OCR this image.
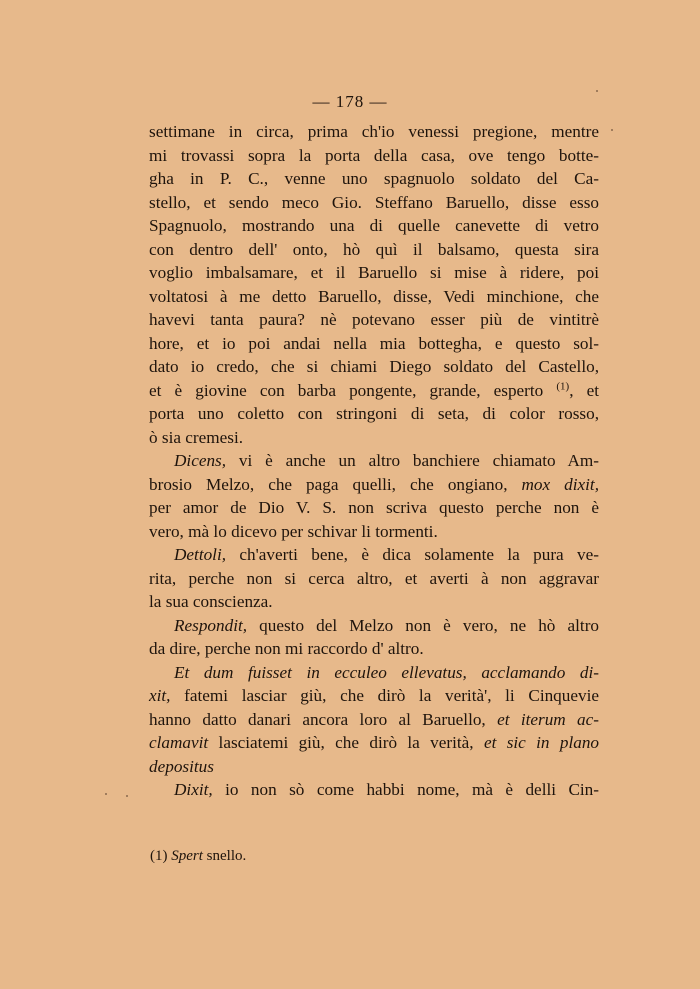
— 178 —
settimane in circa, prima ch'io venessi pregione, mentre
mi trovassi sopra la porta della casa, ove tengo botte-
gha in P. C., venne uno spagnuolo soldato del Ca-
stello, et sendo meco Gio. Steffano Baruello, disse esso
Spagnuolo, mostrando una di quelle canevette di vetro
con dentro dell' onto, hò quì il balsamo, questa sira
voglio imbalsamare, et il Baruello si mise à ridere, poi
voltatosi à me detto Baruello, disse, Vedi minchione, che
havevi tanta paura? nè potevano esser più de vintitrè
hore, et io poi andai nella mia bottegha, e questo sol-
dato io credo, che si chiami Diego soldato del Castello,
et è giovine con barba pongente, grande, esperto $^{(1)}$, et
porta uno coletto con stringoni di seta, di color rosso,
ò sia cremesi.
Dicens, vi è anche un altro banchiere chiamato Am-
brosio Melzo, che paga quelli, che ongiano, mox dixit,
per amor de Dio V. S. non scriva questo perche non è
vero, mà lo dicevo per schivar li tormenti.
Dettoli, ch'averti bene, è dica solamente la pura ve-
rita, perche non si cerca altro, et averti à non aggravar
la sua conscienza.
Respondit, questo del Melzo non è vero, ne hò altro
da dire, perche non mi raccordo d' altro.
Et dum fuisset in ecculeo ellevatus, acclamando di-
xit, fatemi lasciar giù, che dirò la verità', li Cinquevie
hanno datto danari ancora loro al Baruello, et iterum ac-
clamavit lasciatemi giù, che dirò la verità, et sic in plano
depositus
Dixit, io non sò come habbi nome, mà è delli Cin-
(1) Spert snello.
